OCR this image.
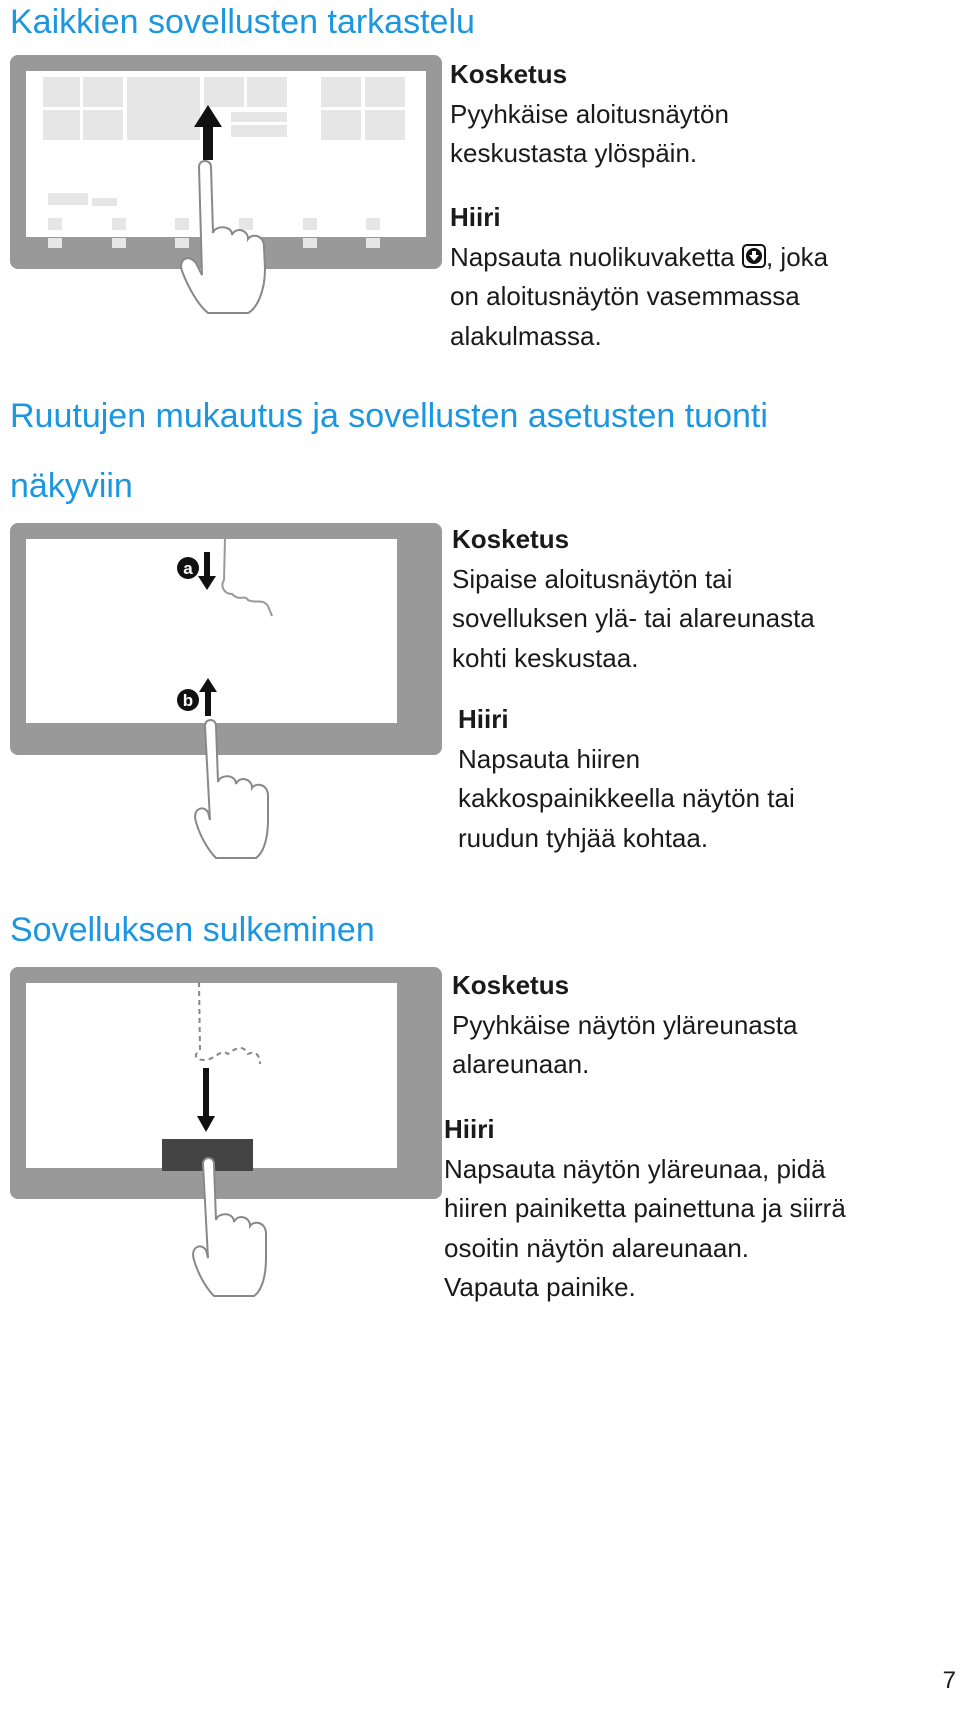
Kaikkien sovellusten tarkastelu
Kosketus
Pyyhkäise aloitusnäytön
keskustasta ylöspäin.
Hiiri
Napsauta nuolikuvaketta , joka
on aloitusnäytön vasemmassa
alakulmassa.
Ruutujen mukautus ja sovellusten asetusten tuonti
näkyviin
a
b
Kosketus
Sipaise aloitusnäytön tai
sovelluksen ylä- tai alareunasta
kohti keskustaa.
Hiiri
Napsauta hiiren
kakkospainikkeella näytön tai
ruudun tyhjää kohtaa.
Sovelluksen sulkeminen
Kosketus
Pyyhkäise näytön yläreunasta
alareunaan.
Hiiri
Napsauta näytön yläreunaa, pidä
hiiren painiketta painettuna ja siirrä
osoitin näytön alareunaan.
Vapauta painike.
7
